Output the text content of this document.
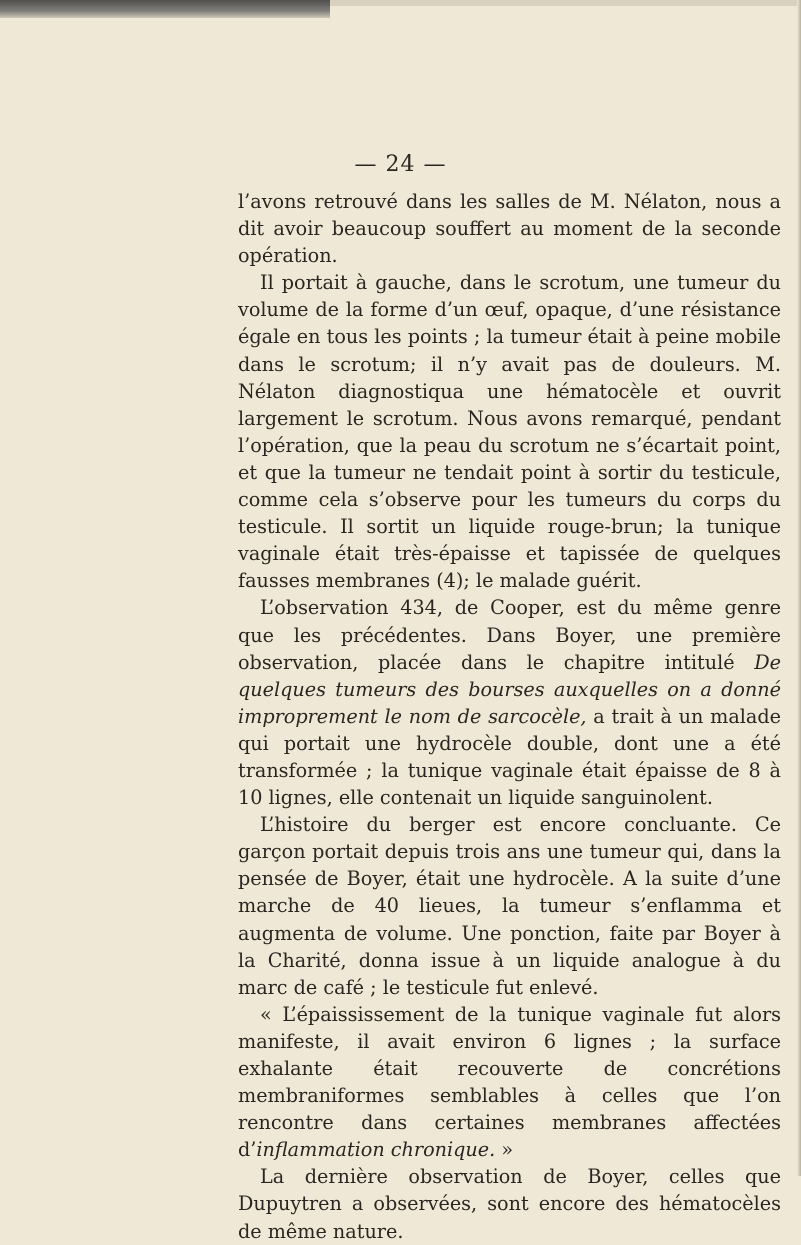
— 24 —

l’avons retrouvé dans les salles de M. Nélaton, nous a dit avoir beaucoup souffert au moment de la seconde opération.

Il portait à gauche, dans le scrotum, une tumeur du volume de la forme d’un œuf, opaque, d’une résistance égale en tous les points ; la tumeur était à peine mobile dans le scrotum; il n’y avait pas de douleurs. M. Nélaton diagnostiqua une hématocèle et ouvrit largement le scrotum. Nous avons remarqué, pendant l’opération, que la peau du scrotum ne s’écartait point, et que la tumeur ne tendait point à sortir du testicule, comme cela s’observe pour les tumeurs du corps du testicule. Il sortit un liquide rouge-brun; la tunique vaginale était très-épaisse et tapissée de quelques fausses membranes (4); le malade guérit.

L’observation 434, de Cooper, est du même genre que les précédentes. Dans Boyer, une première observation, placée dans le chapitre intitulé De quelques tumeurs des bourses auxquelles on a donné improprement le nom de sarcocèle, a trait à un malade qui portait une hydrocèle double, dont une a été transformée ; la tunique vaginale était épaisse de 8 à 10 lignes, elle contenait un liquide sanguinolent.

L’histoire du berger est encore concluante. Ce garçon portait depuis trois ans une tumeur qui, dans la pensée de Boyer, était une hydrocèle. A la suite d’une marche de 40 lieues, la tumeur s’enflamma et augmenta de volume. Une ponction, faite par Boyer à la Charité, donna issue à un liquide analogue à du marc de café ; le testicule fut enlevé.

« L’épaississement de la tunique vaginale fut alors manifeste, il avait environ 6 lignes ; la surface exhalante était recouverte de concrétions membraniformes semblables à celles que l’on rencontre dans certaines membranes affectées d’inflammation chronique. »

La dernière observation de Boyer, celles que Dupuytren a observées, sont encore des hématocèles de même nature.
